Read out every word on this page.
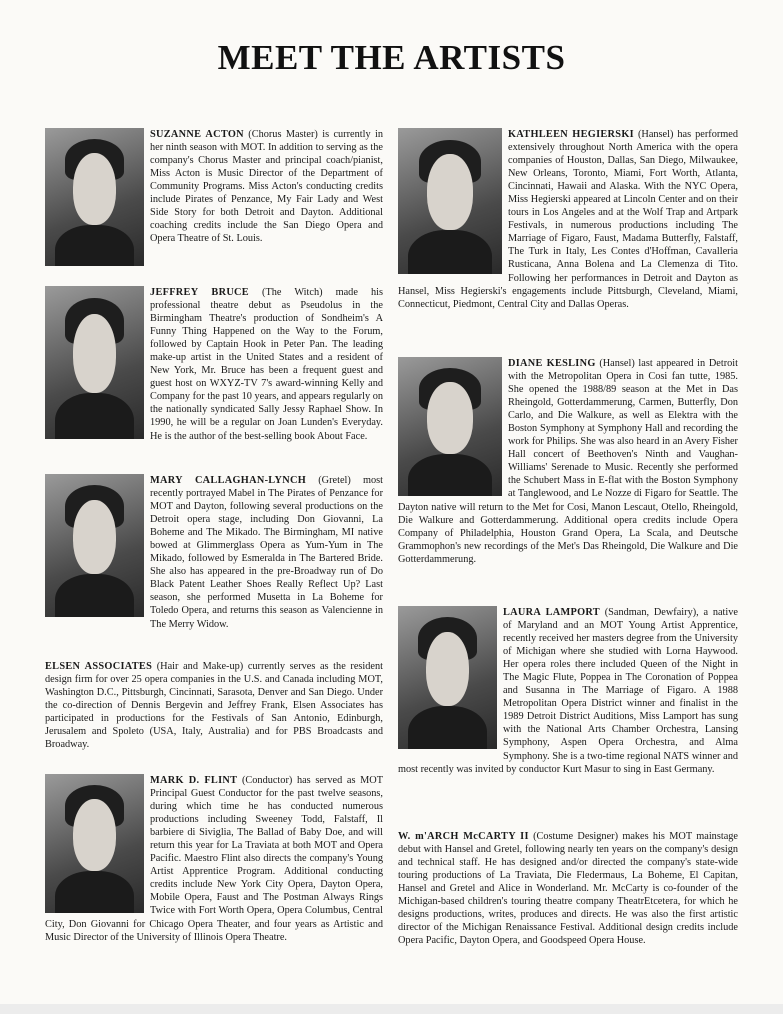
MEET THE ARTISTS

SUZANNE ACTON (Chorus Master) is currently in her ninth season with MOT. In addition to serving as the company's Chorus Master and principal coach/pianist, Miss Acton is Music Director of the Department of Community Programs. Miss Acton's conducting credits include Pirates of Penzance, My Fair Lady and West Side Story for both Detroit and Dayton. Additional coaching credits include the San Diego Opera and Opera Theatre of St. Louis.

JEFFREY BRUCE (The Witch) made his professional theatre debut as Pseudolus in the Birmingham Theatre's production of Sondheim's A Funny Thing Happened on the Way to the Forum, followed by Captain Hook in Peter Pan. The leading make-up artist in the United States and a resident of New York, Mr. Bruce has been a frequent guest and guest host on WXYZ-TV 7's award-winning Kelly and Company for the past 10 years, and appears regularly on the nationally syndicated Sally Jessy Raphael Show. In 1990, he will be a regular on Joan Lunden's Everyday. He is the author of the best-selling book About Face.

MARY CALLAGHAN-LYNCH (Gretel) most recently portrayed Mabel in The Pirates of Penzance for MOT and Dayton, following several productions on the Detroit opera stage, including Don Giovanni, La Boheme and The Mikado. The Birmingham, MI native bowed at Glimmerglass Opera as Yum-Yum in The Mikado, followed by Esmeralda in The Bartered Bride. She also has appeared in the pre-Broadway run of Do Black Patent Leather Shoes Really Reflect Up? Last season, she performed Musetta in La Boheme for Toledo Opera, and returns this season as Valencienne in The Merry Widow.

ELSEN ASSOCIATES (Hair and Make-up) currently serves as the resident design firm for over 25 opera companies in the U.S. and Canada including MOT, Washington D.C., Pittsburgh, Cincinnati, Sarasota, Denver and San Diego. Under the co-direction of Dennis Bergevin and Jeffrey Frank, Elsen Associates has participated in productions for the Festivals of San Antonio, Edinburgh, Jerusalem and Spoleto (USA, Italy, Australia) and for PBS Broadcasts and Broadway.

MARK D. FLINT (Conductor) has served as MOT Principal Guest Conductor for the past twelve seasons, during which time he has conducted numerous productions including Sweeney Todd, Falstaff, Il barbiere di Siviglia, The Ballad of Baby Doe, and will return this year for La Traviata at both MOT and Opera Pacific. Maestro Flint also directs the company's Young Artist Apprentice Program. Additional conducting credits include New York City Opera, Dayton Opera, Mobile Opera, Faust and The Postman Always Rings Twice with Fort Worth Opera, Opera Columbus, Central City, Don Giovanni for Chicago Opera Theater, and four years as Artistic and Music Director of the University of Illinois Opera Theatre.

KATHLEEN HEGIERSKI (Hansel) has performed extensively throughout North America with the opera companies of Houston, Dallas, San Diego, Milwaukee, New Orleans, Toronto, Miami, Fort Worth, Atlanta, Cincinnati, Hawaii and Alaska. With the NYC Opera, Miss Hegierski appeared at Lincoln Center and on their tours in Los Angeles and at the Wolf Trap and Artpark Festivals, in numerous productions including The Marriage of Figaro, Faust, Madama Butterfly, Falstaff, The Turk in Italy, Les Contes d'Hoffman, Cavalleria Rusticana, Anna Bolena and La Clemenza di Tito. Following her performances in Detroit and Dayton as Hansel, Miss Hegierski's engagements include Pittsburgh, Cleveland, Miami, Connecticut, Piedmont, Central City and Dallas Operas.

DIANE KESLING (Hansel) last appeared in Detroit with the Metropolitan Opera in Cosi fan tutte, 1985. She opened the 1988/89 season at the Met in Das Rheingold, Gotterdammerung, Carmen, Butterfly, Don Carlo, and Die Walkure, as well as Elektra with the Boston Symphony at Symphony Hall and recording the work for Philips. She was also heard in an Avery Fisher Hall concert of Beethoven's Ninth and Vaughan-Williams' Serenade to Music. Recently she performed the Schubert Mass in E-flat with the Boston Symphony at Tanglewood, and Le Nozze di Figaro for Seattle. The Dayton native will return to the Met for Cosi, Manon Lescaut, Otello, Rheingold, Die Walkure and Gotterdammerung. Additional opera credits include Opera Company of Philadelphia, Houston Grand Opera, La Scala, and Deutsche Grammophon's new recordings of the Met's Das Rheingold, Die Walkure and Die Gotterdammerung.

LAURA LAMPORT (Sandman, Dewfairy), a native of Maryland and an MOT Young Artist Apprentice, recently received her masters degree from the University of Michigan where she studied with Lorna Haywood. Her opera roles there included Queen of the Night in The Magic Flute, Poppea in The Coronation of Poppea and Susanna in The Marriage of Figaro. A 1988 Metropolitan Opera District winner and finalist in the 1989 Detroit District Auditions, Miss Lamport has sung with the National Arts Chamber Orchestra, Lansing Symphony, Aspen Opera Orchestra, and Alma Symphony. She is a two-time regional NATS winner and most recently was invited by conductor Kurt Masur to sing in East Germany.

W. m'ARCH McCARTY II (Costume Designer) makes his MOT mainstage debut with Hansel and Gretel, following nearly ten years on the company's design and technical staff. He has designed and/or directed the company's state-wide touring productions of La Traviata, Die Fledermaus, La Boheme, El Capitan, Hansel and Gretel and Alice in Wonderland. Mr. McCarty is co-founder of the Michigan-based children's touring theatre company TheatrEtcetera, for which he designs productions, writes, produces and directs. He was also the first artistic director of the Michigan Renaissance Festival. Additional design credits include Opera Pacific, Dayton Opera, and Goodspeed Opera House.
